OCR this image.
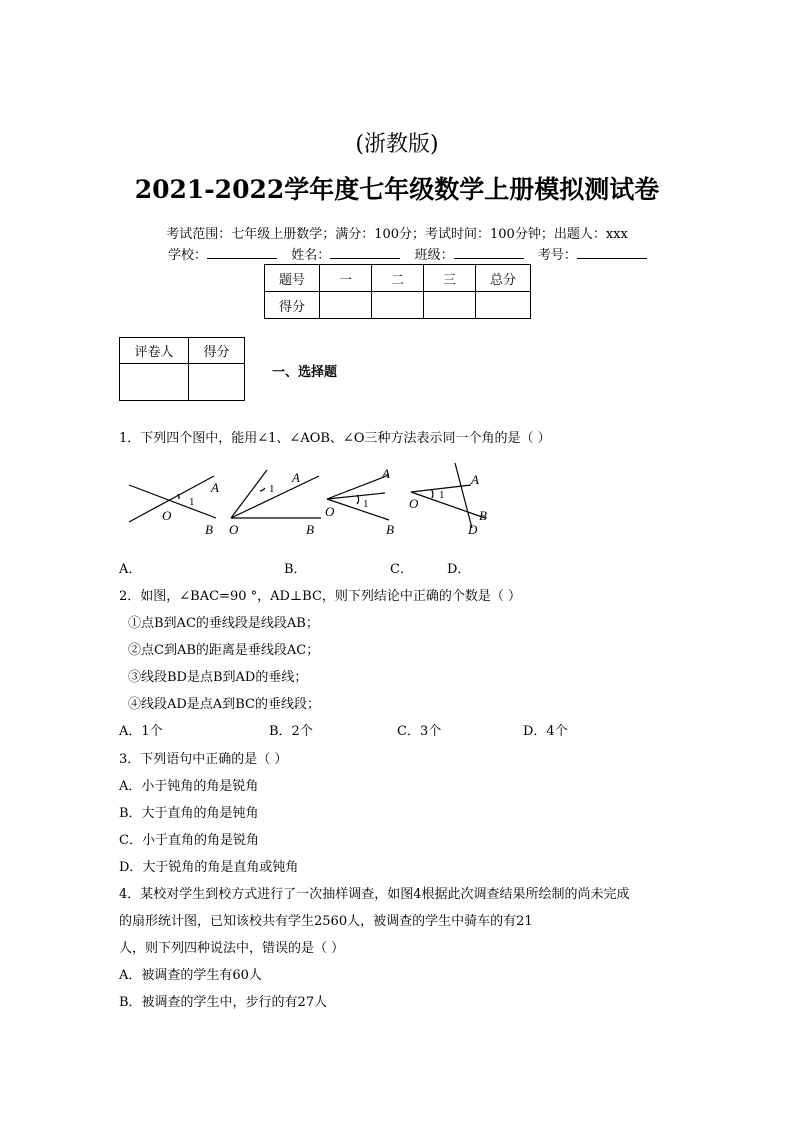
(浙教版)
2021-2022学年度七年级数学上册模拟测试卷
考试范围：七年级上册数学；满分：100分；考试时间：100分钟；出题人：xxx
学校：	姓名：	班级：	考号：
题号	一	二	三	总分
得分				
评卷人	得分

一、选择题
1．下列四个图中，能用∠1、∠AOB、∠O三种方法表示同一个角的是（ ）
A
1
O
B
A
1
O	B
A
1
O
B
A
1
O
B
D
A．	B．	C．	D．
2．如图，∠BAC=90 °，AD⊥BC，则下列结论中正确的个数是（ ）
①点B到AC的垂线段是线段AB；
②点C到AB的距离是垂线段AC；
③线段BD是点B到AD的垂线；
④线段AD是点A到BC的垂线段；
A．1个	B．2个	C．3个	D．4个
3．下列语句中正确的是（ ）
A．小于钝角的角是锐角
B．大于直角的角是钝角
C．小于直角的角是锐角
D．大于锐角的角是直角或钝角
4．某校对学生到校方式进行了一次抽样调查，如图4根据此次调查结果所绘制的尚未完成
的扇形统计图，已知该校共有学生2560人，被调查的学生中骑车的有21
人，则下列四种说法中，错误的是（ ）
A．被调查的学生有60人
B．被调查的学生中，步行的有27人
